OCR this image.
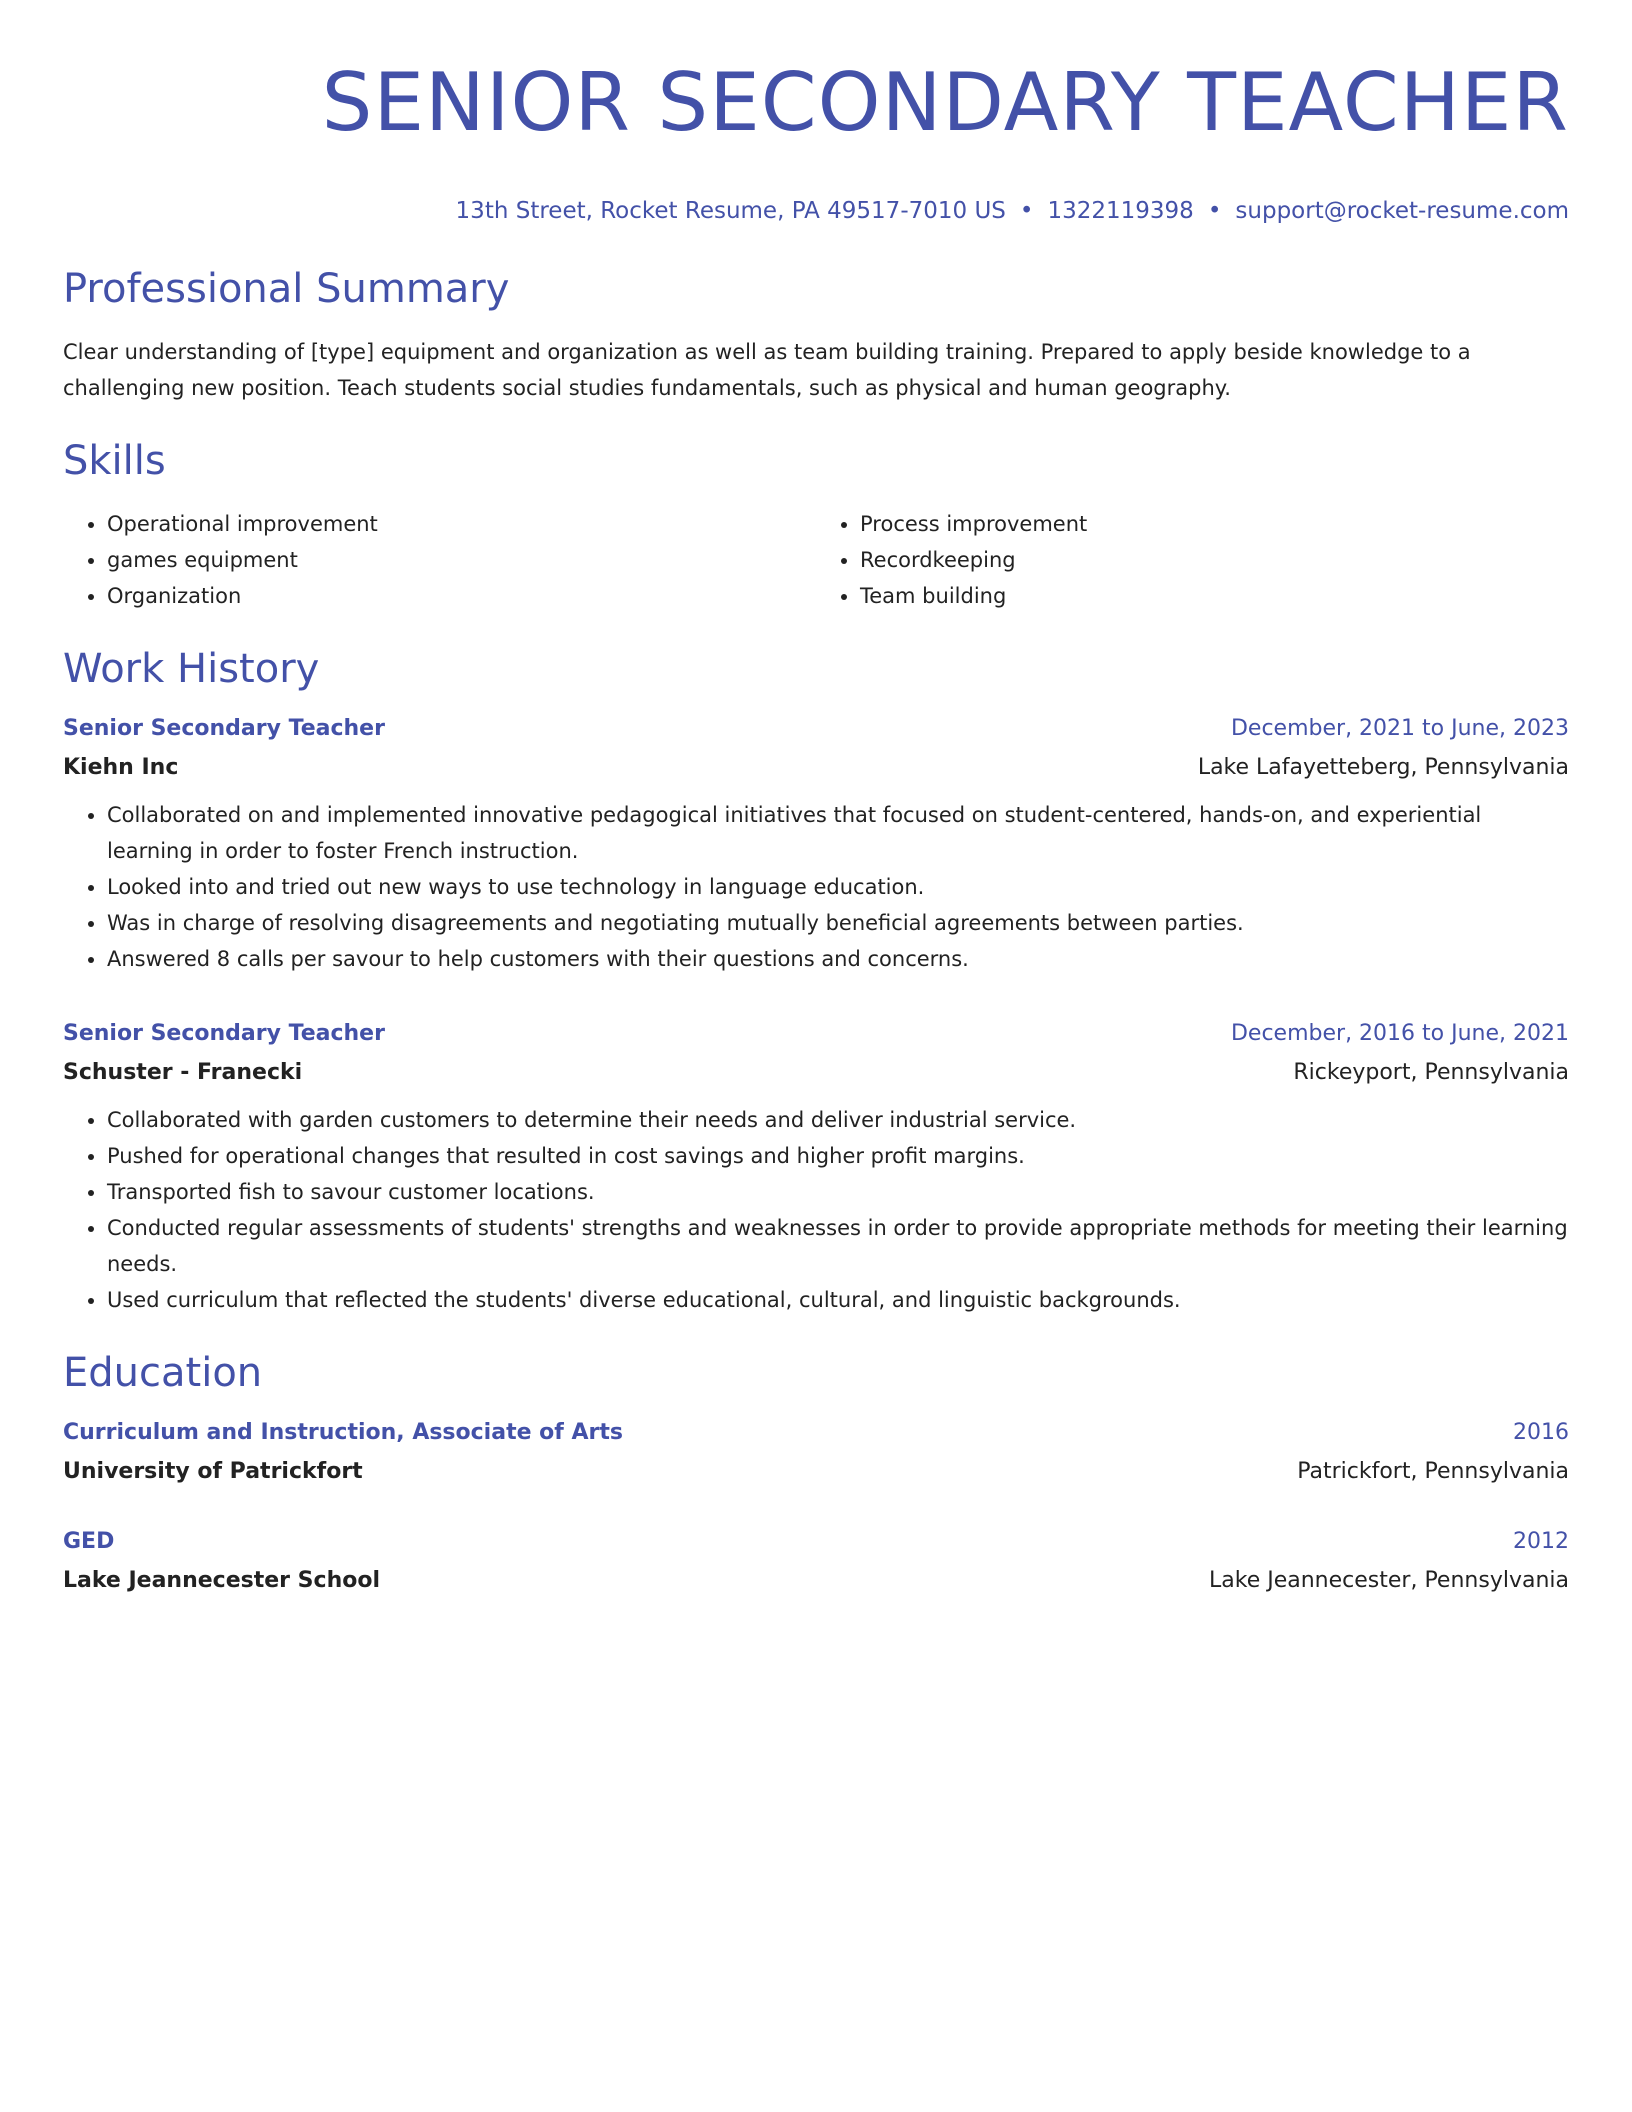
SENIOR SECONDARY TEACHER
13th Street, Rocket Resume, PA 49517-7010 US • 1322119398 • support@rocket-resume.com
Professional Summary
Clear understanding of [type] equipment and organization as well as team building training. Prepared to apply beside knowledge to a challenging new position. Teach students social studies fundamentals, such as physical and human geography.
Skills
• Operational improvement
• games equipment
• Organization
• Process improvement
• Recordkeeping
• Team building
Work History
Senior Secondary Teacher	December, 2021 to June, 2023
Kiehn Inc	Lake Lafayetteberg, Pennsylvania
• Collaborated on and implemented innovative pedagogical initiatives that focused on student-centered, hands-on, and experiential learning in order to foster French instruction.
• Looked into and tried out new ways to use technology in language education.
• Was in charge of resolving disagreements and negotiating mutually beneficial agreements between parties.
• Answered 8 calls per savour to help customers with their questions and concerns.
Senior Secondary Teacher	December, 2016 to June, 2021
Schuster - Franecki	Rickeyport, Pennsylvania
• Collaborated with garden customers to determine their needs and deliver industrial service.
• Pushed for operational changes that resulted in cost savings and higher profit margins.
• Transported fish to savour customer locations.
• Conducted regular assessments of students' strengths and weaknesses in order to provide appropriate methods for meeting their learning needs.
• Used curriculum that reflected the students' diverse educational, cultural, and linguistic backgrounds.
Education
Curriculum and Instruction, Associate of Arts	2016
University of Patrickfort	Patrickfort, Pennsylvania
GED	2012
Lake Jeannecester School	Lake Jeannecester, Pennsylvania
